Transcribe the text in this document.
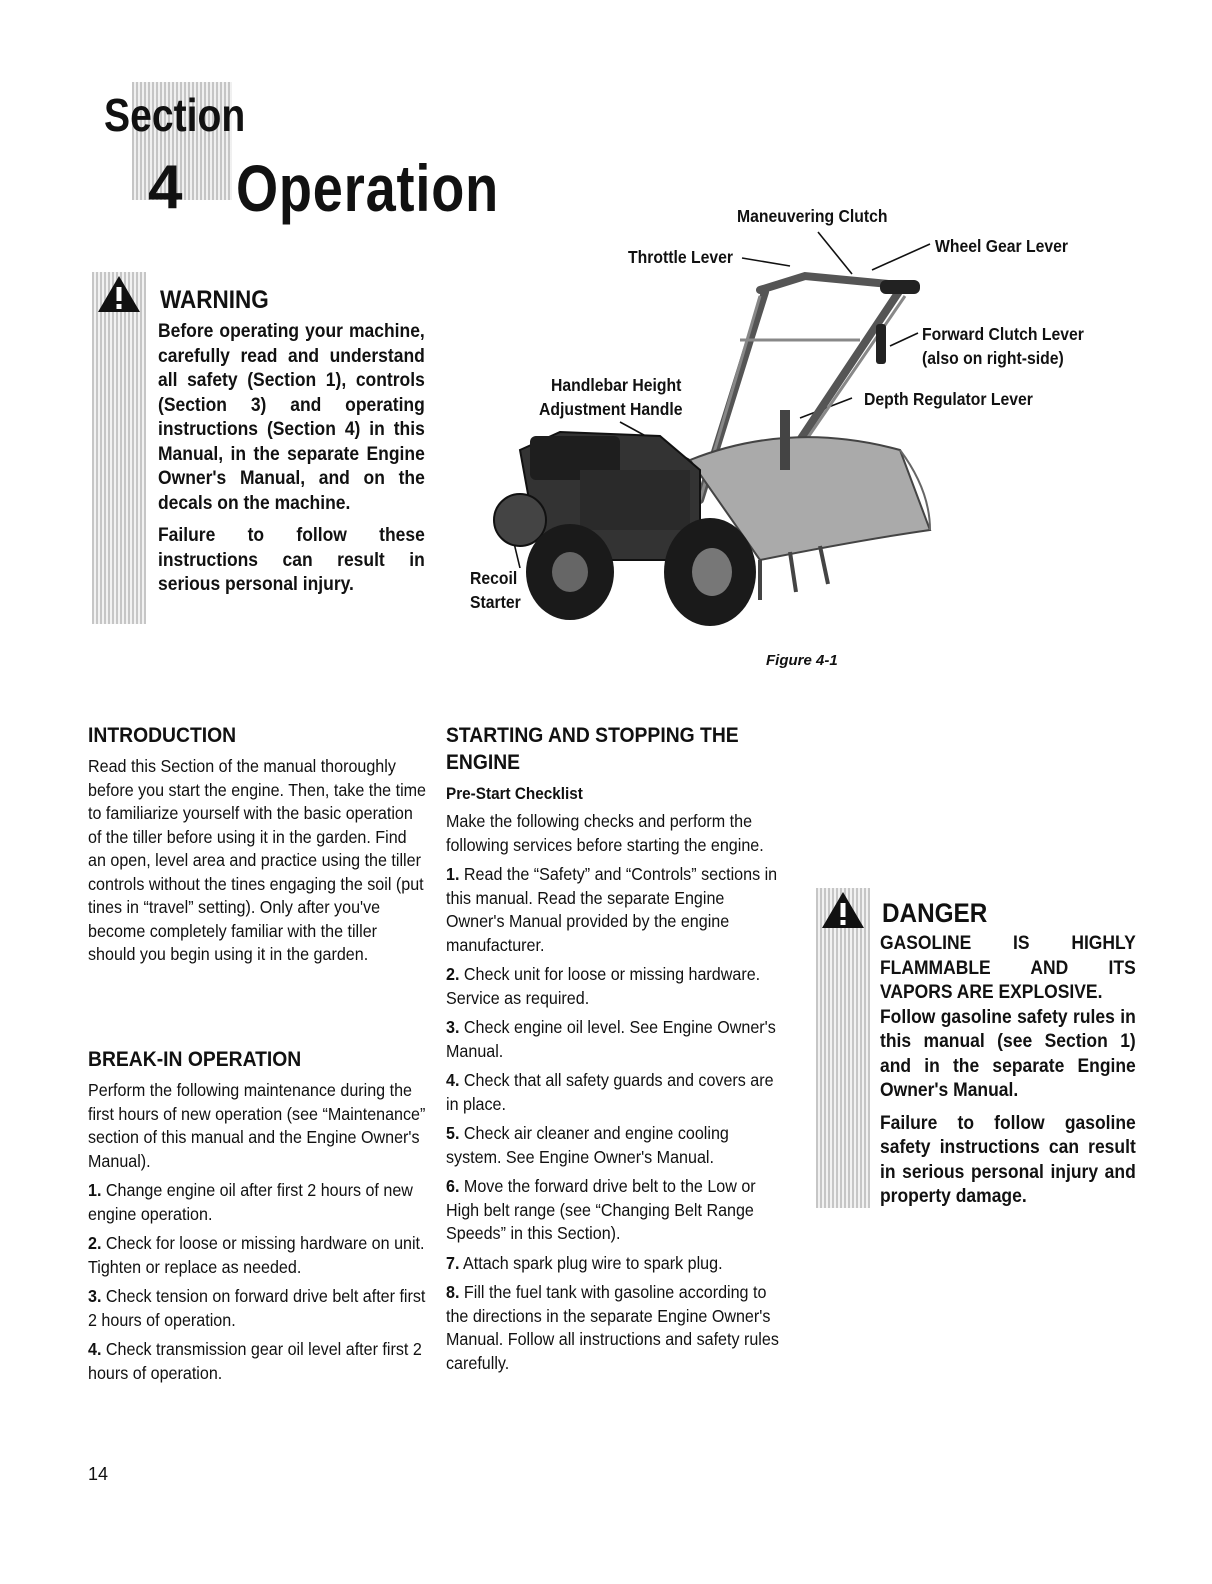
Section
4 Operation
WARNING
Before operating your machine, carefully read and understand all safety (Section 1), controls (Section 3) and operating instructions (Section 4) in this Manual, in the separate Engine Owner's Manual, and on the decals on the machine.
Failure to follow these instructions can result in serious personal injury.
Maneuvering Clutch
Throttle Lever
Wheel Gear Lever
Forward Clutch Lever
(also on right-side)
Handlebar Height
Adjustment Handle	Depth Regulator Lever
Recoil
Starter
Figure 4-1
INTRODUCTION
Read this Section of the manual thoroughly before you start the engine. Then, take the time to familiarize yourself with the basic operation of the tiller before using it in the garden. Find an open, level area and practice using the tiller controls without the tines engaging the soil (put tines in “travel” setting). Only after you've become completely familiar with the tiller should you begin using it in the garden.
BREAK-IN OPERATION

Perform the following maintenance during the first hours of new operation (see “Maintenance” section of this manual and the Engine Owner's Manual).

1. Change engine oil after first 2 hours of new engine operation.

2. Check for loose or missing hardware on unit. Tighten or replace as needed.

3. Check tension on forward drive belt after first 2 hours of operation.

4. Check transmission gear oil level after first 2 hours of operation.

STARTING AND STOPPING THE
ENGINE
Pre-Start Checklist

Make the following checks and perform the following services before starting the engine.

1. Read the “Safety” and “Controls” sections in this manual. Read the separate Engine Owner's Manual provided by the engine manufacturer.

2. Check unit for loose or missing hardware. Service as required.

3. Check engine oil level. See Engine Owner's Manual.

4. Check that all safety guards and covers are in place.

5. Check air cleaner and engine cooling system. See Engine Owner's Manual.

6. Move the forward drive belt to the Low or High belt range (see “Changing Belt Range Speeds” in this Section).

7. Attach spark plug wire to spark plug.

8. Fill the fuel tank with gasoline according to the directions in the separate Engine Owner's Manual. Follow all instructions and safety rules carefully.

DANGER
GASOLINE IS HIGHLY FLAMMABLE AND ITS VAPORS ARE EXPLOSIVE.
Follow gasoline safety rules in this manual (see Section 1) and in the separate Engine Owner's Manual.
Failure to follow gasoline safety instructions can result in serious personal injury and property damage.
14
